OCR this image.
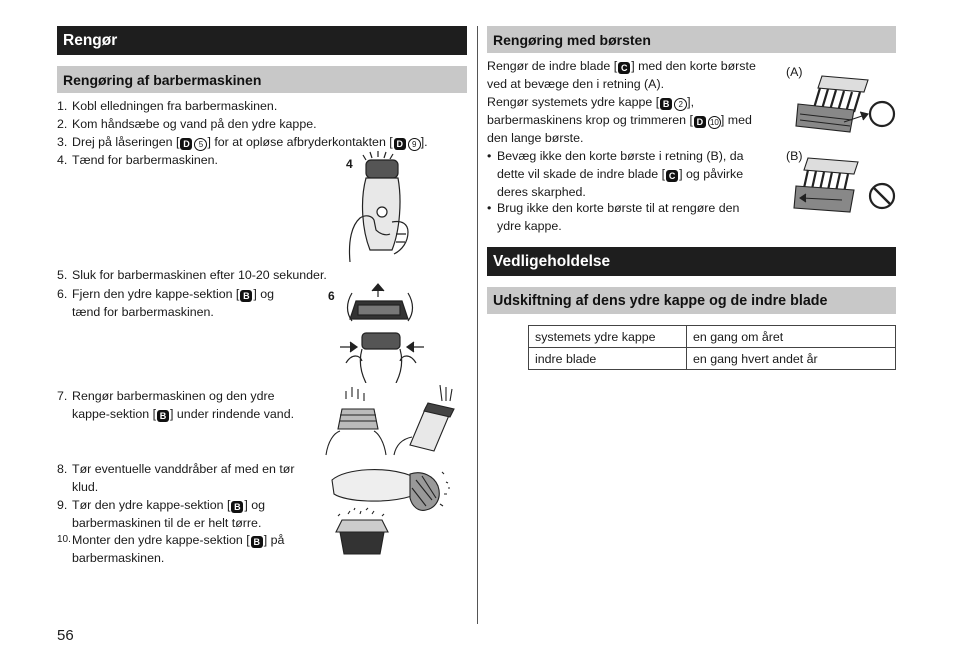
Rengør
Rengøring af barbermaskinen
1. Kobl elledningen fra barbermaskinen.
2. Kom håndsæbe og vand på den ydre kappe.
3. Drej på låseringen [ D 5 ] for at opløse afbryderkontakten [ D 9 ].
4. Tænd for barbermaskinen.
5. Sluk for barbermaskinen efter 10-20 sekunder.
6. Fjern den ydre kappe-sektion [ B ] og
tænd for barbermaskinen.
7. Rengør barbermaskinen og den ydre
kappe-sektion [ B ] under rindende vand.
8. Tør eventuelle vanddråber af med en tør
klud.
9. Tør den ydre kappe-sektion [ B ] og
barbermaskinen til de er helt tørre.
10. Monter den ydre kappe-sektion [ B ] på
barbermaskinen.
4
6
Rengøring med børsten
Rengør de indre blade [ C ] med den korte børste
ved at bevæge den i retning (A).
Rengør systemets ydre kappe [ B 2 ],
barbermaskinens krop og trimmeren [ D 10 ] med
den lange børste.
• Bevæg ikke den korte børste i retning (B), da
dette vil skade de indre blade [ C ] og påvirke
deres skarphed.
• Brug ikke den korte børste til at rengøre den
ydre kappe.
(A)
(B)
Vedligeholdelse
Udskiftning af dens ydre kappe og de indre blade
systemets ydre kappe	en gang om året
indre blade	en gang hvert andet år
56
